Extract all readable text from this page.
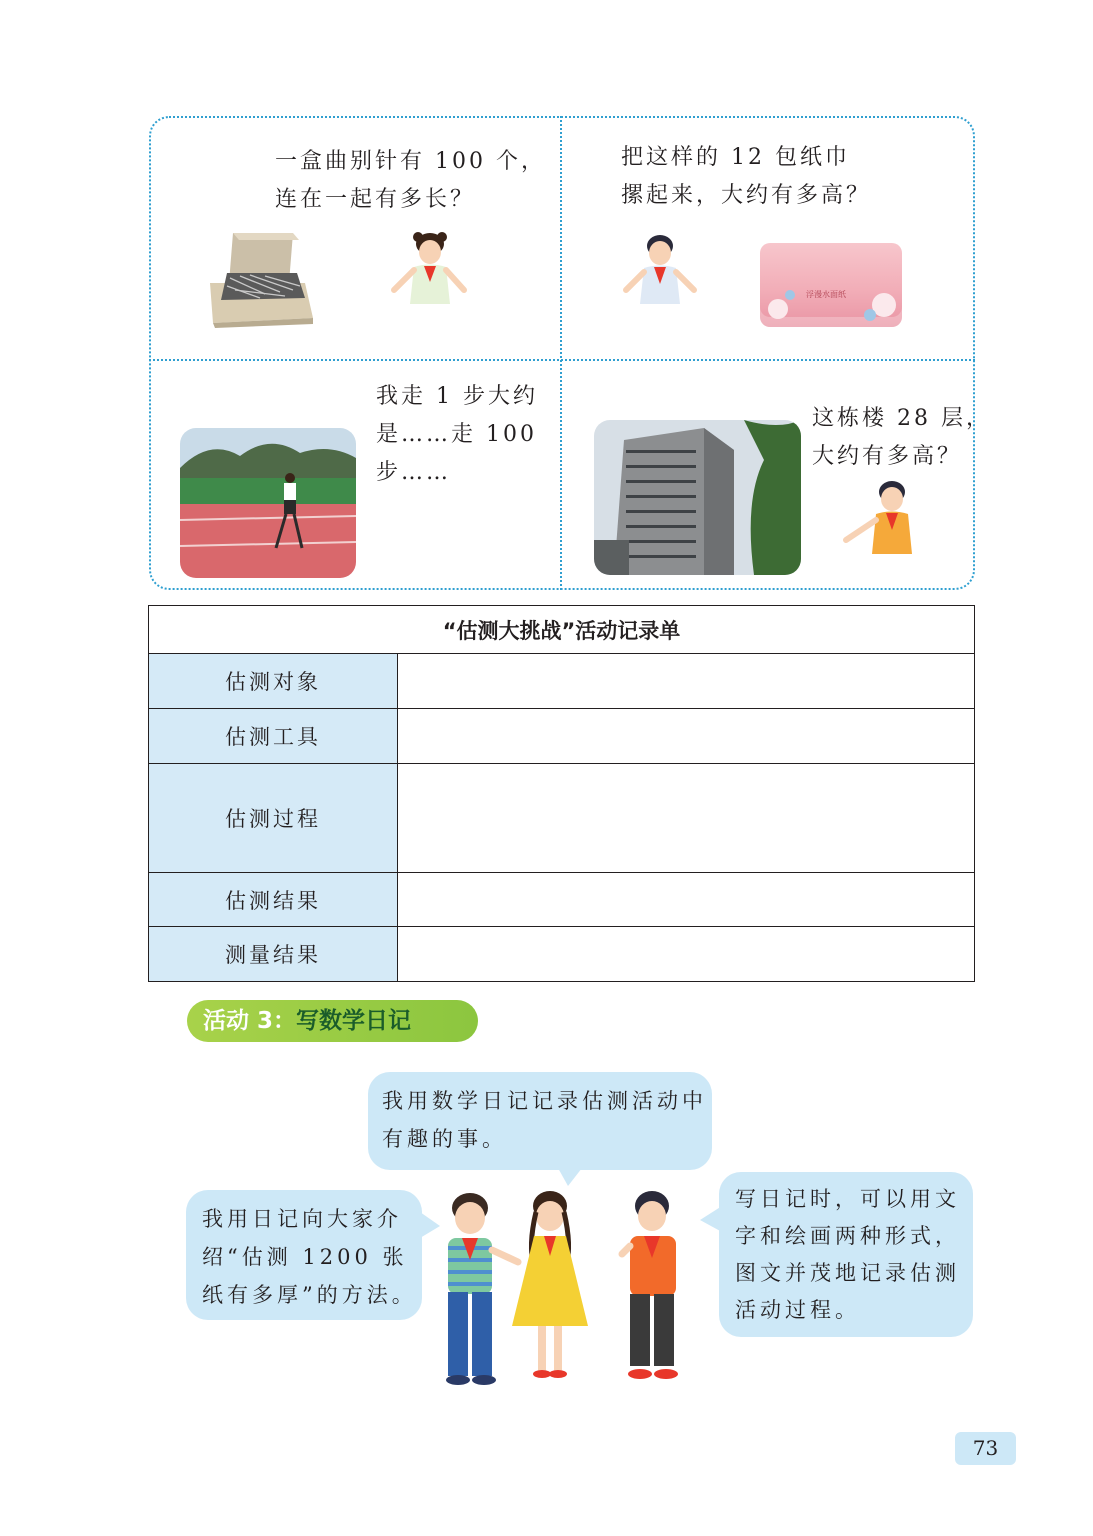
一盒曲别针有 100 个，
连在一起有多长？
把这样的 12 包纸巾
摞起来，大约有多高？
浮漫水面纸
我走 1 步大约
是……走 100
步……
这栋楼 28 层，
大约有多高？
“估测大挑战”活动记录单	
估测对象	
估测工具	
估测过程	
估测结果	
测量结果	
活动 3：写数学日记
我用数学日记记录估测活动中
有趣的事。
我用日记向大家介
绍“估测 1200 张
纸有多厚”的方法。
写日记时，可以用文
字和绘画两种形式，
图文并茂地记录估测
活动过程。
73
